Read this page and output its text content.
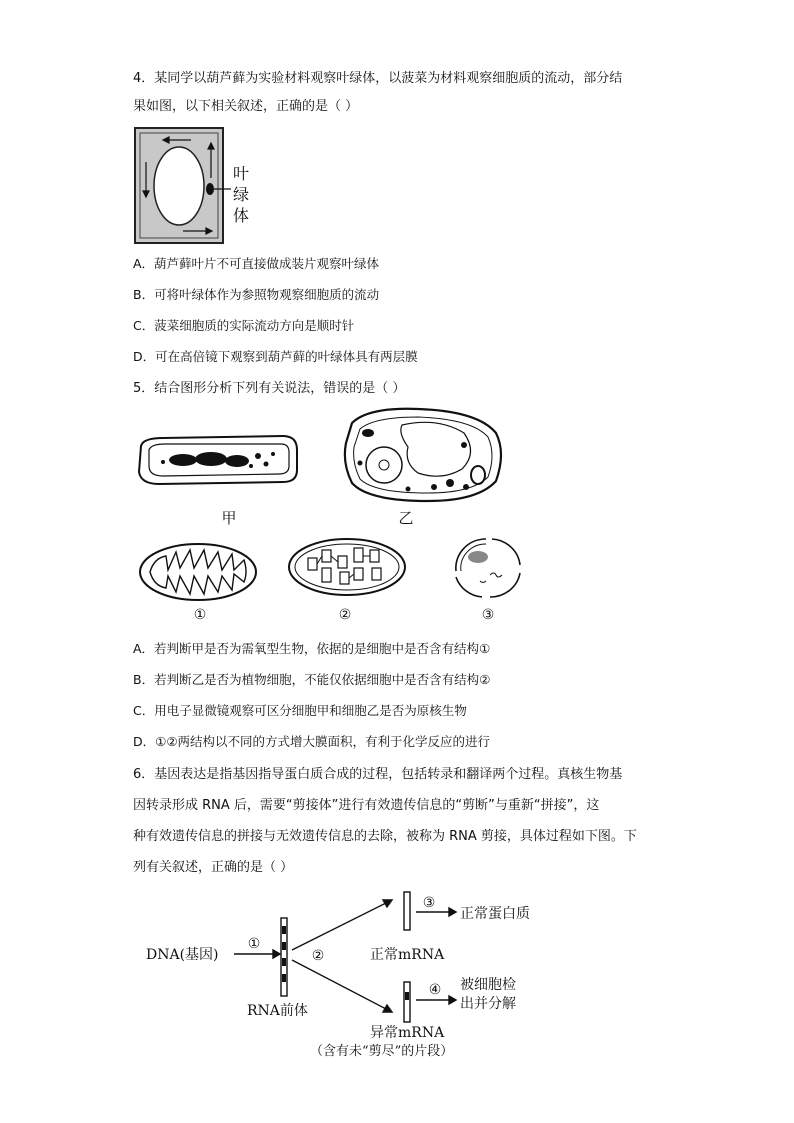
4．某同学以葫芦藓为实验材料观察叶绿体，以菠菜为材料观察细胞质的流动，部分结
果如图，以下相关叙述，正确的是（ ）
叶
绿
体
A．葫芦藓叶片不可直接做成装片观察叶绿体
B．可将叶绿体作为参照物观察细胞质的流动
C．菠菜细胞质的实际流动方向是顺时针
D．可在高倍镜下观察到葫芦藓的叶绿体具有两层膜
5．结合图形分析下列有关说法，错误的是（ ）
甲	乙
①	②	③
A．若判断甲是否为需氧型生物，依据的是细胞中是否含有结构①
B．若判断乙是否为植物细胞，不能仅依据细胞中是否含有结构②
C．用电子显微镜观察可区分细胞甲和细胞乙是否为原核生物
D．①②两结构以不同的方式增大膜面积，有利于化学反应的进行
6．基因表达是指基因指导蛋白质合成的过程，包括转录和翻译两个过程。真核生物基
因转录形成 RNA 后，需要“剪接体”进行有效遗传信息的“剪断”与重新“拼接”，这
种有效遗传信息的拼接与无效遗传信息的去除，被称为 RNA 剪接，具体过程如下图。下
列有关叙述，正确的是（ ）
DNA(基因)
①
②
③
④
正常蛋白质
正常mRNA
RNA前体
被细胞检
出并分解
异常mRNA
（含有未“剪尽”的片段）
